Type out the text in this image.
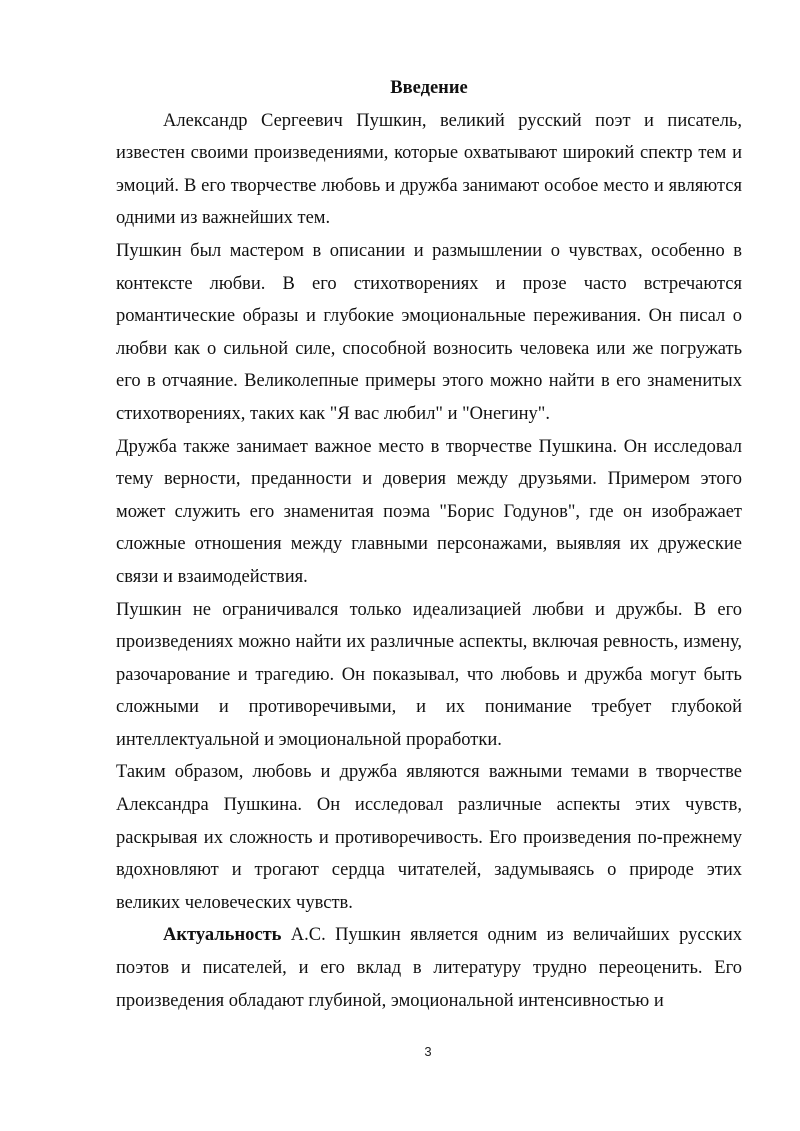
Введение

Александр Сергеевич Пушкин, великий русский поэт и писатель, известен своими произведениями, которые охватывают широкий спектр тем и эмоций. В его творчестве любовь и дружба занимают особое место и являются одними из важнейших тем.

Пушкин был мастером в описании и размышлении о чувствах, особенно в контексте любви. В его стихотворениях и прозе часто встречаются романтические образы и глубокие эмоциональные переживания. Он писал о любви как о сильной силе, способной возносить человека или же погружать его в отчаяние. Великолепные примеры этого можно найти в его знаменитых стихотворениях, таких как "Я вас любил" и "Онегину".

Дружба также занимает важное место в творчестве Пушкина. Он исследовал тему верности, преданности и доверия между друзьями. Примером этого может служить его знаменитая поэма "Борис Годунов", где он изображает сложные отношения между главными персонажами, выявляя их дружеские связи и взаимодействия.

Пушкин не ограничивался только идеализацией любви и дружбы. В его произведениях можно найти их различные аспекты, включая ревность, измену, разочарование и трагедию. Он показывал, что любовь и дружба могут быть сложными и противоречивыми, и их понимание требует глубокой интеллектуальной и эмоциональной проработки.

Таким образом, любовь и дружба являются важными темами в творчестве Александра Пушкина. Он исследовал различные аспекты этих чувств, раскрывая их сложность и противоречивость. Его произведения по-прежнему вдохновляют и трогают сердца читателей, задумываясь о природе этих великих человеческих чувств.

Актуальность А.С. Пушкин является одним из величайших русских поэтов и писателей, и его вклад в литературу трудно переоценить. Его произведения обладают глубиной, эмоциональной интенсивностью и

3
